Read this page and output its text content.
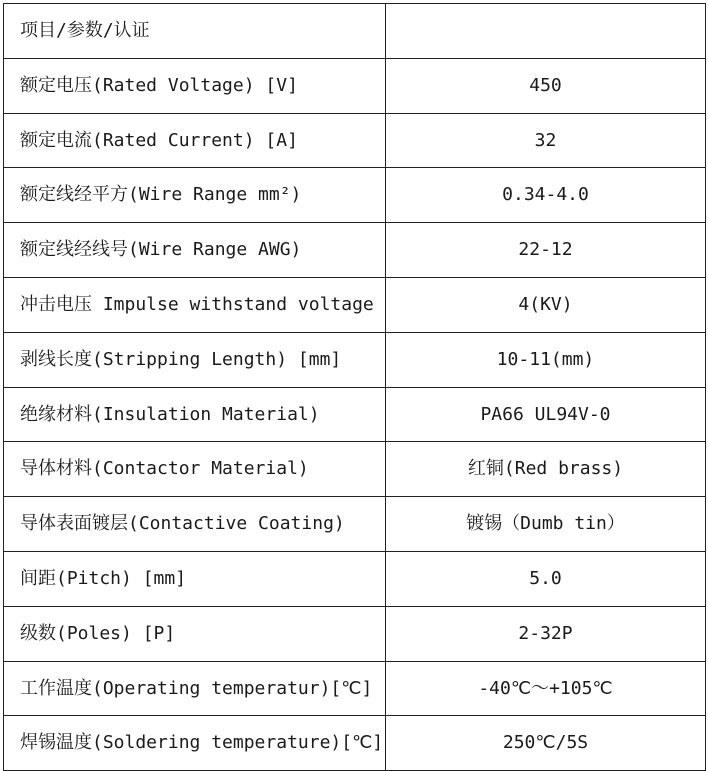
项目/参数/认证	
额定电压(Rated Voltage) [V]	450
额定电流(Rated Current) [A]	32
额定线经平方(Wire Range mm²)	0.34-4.0
额定线经线号(Wire Range AWG)	22-12
冲击电压 Impulse withstand voltage	4(KV)
剥线长度(Stripping Length) [mm]	10-11(mm)
绝缘材料(Insulation Material)	PA66 UL94V-0
导体材料(Contactor Material)	红铜(Red brass)
导体表面镀层(Contactive Coating)	镀锡（Dumb tin）
间距(Pitch) [mm]	5.0
级数(Poles) [P]	2-32P
工作温度(Operating temperatur)[℃]	-40℃～+105℃
焊锡温度(Soldering temperature)[℃]	250℃/5S
